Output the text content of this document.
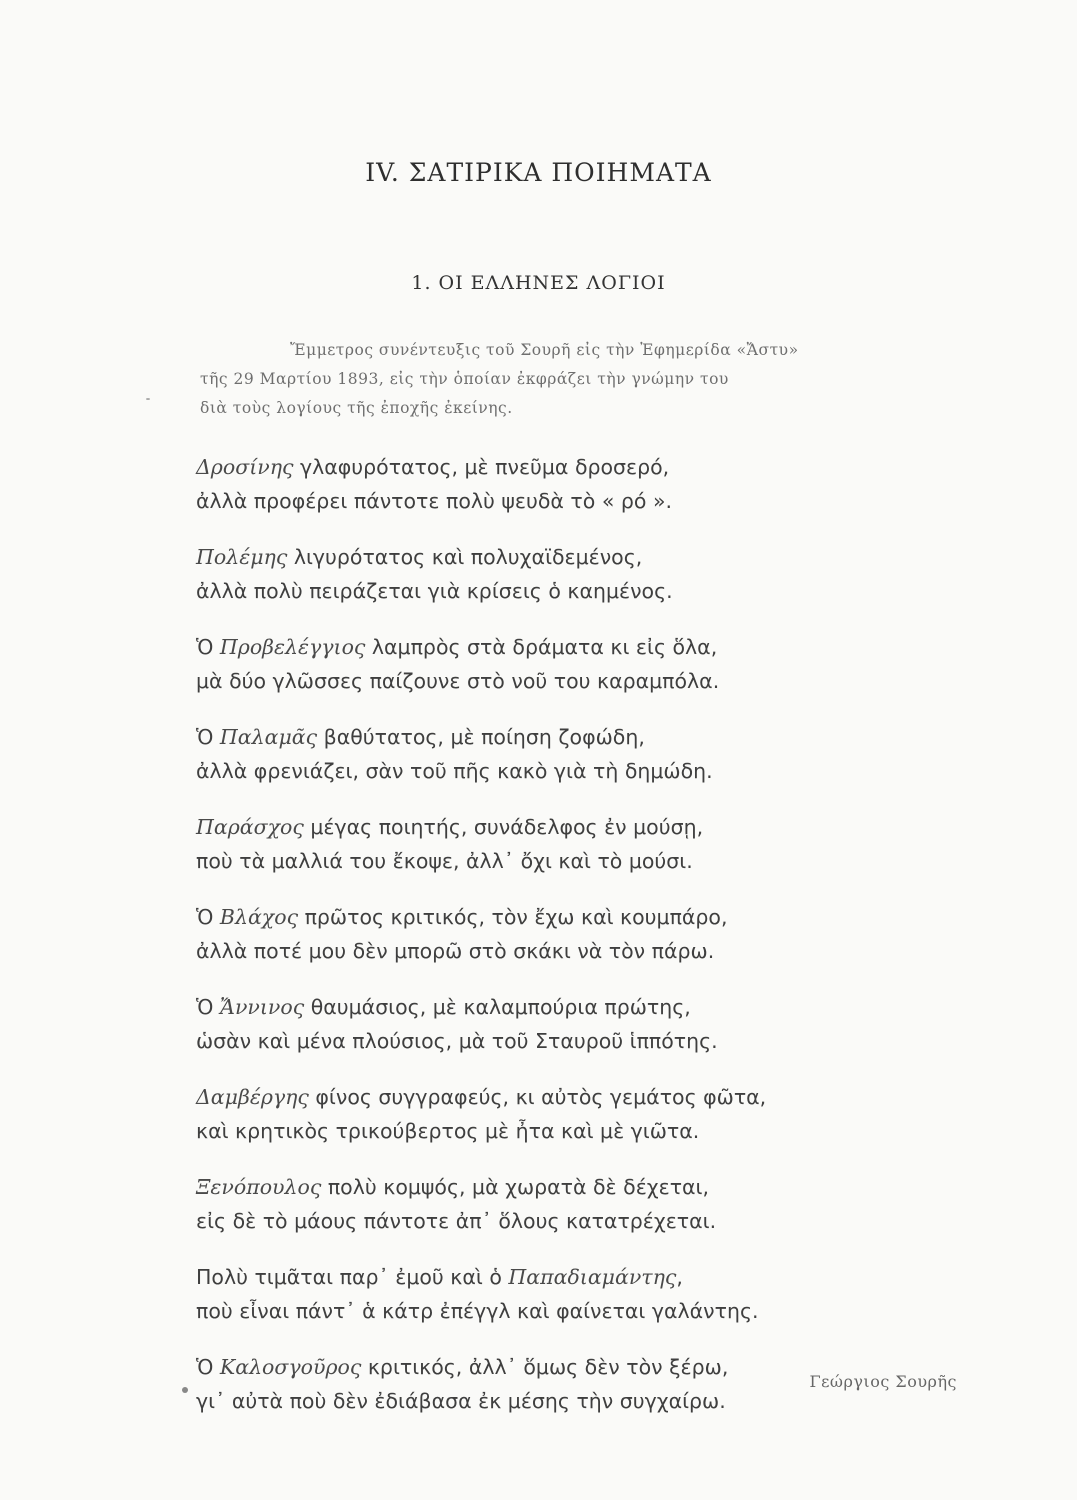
IV. ΣΑΤΙΡΙΚΑ ΠΟΙΗΜΑΤΑ
1. ΟΙ ΕΛΛΗΝΕΣ ΛΟΓΙΟΙ
Ἔμμετρος συνέντευξις τοῦ Σουρῆ εἰς τὴν Ἐφημερίδα «Ἄστυ»
τῆς 29 Μαρτίου 1893, εἰς τὴν ὁποίαν ἐκφράζει τὴν γνώμην του
διὰ τοὺς λογίους τῆς ἐποχῆς ἐκείνης.
Δροσίνης γλαφυρότατος, μὲ πνεῦμα δροσερό,
ἀλλὰ προφέρει πάντοτε πολὺ ψευδὰ τὸ « ρό ».
Πολέμης λιγυρότατος καὶ πολυχαϊδεμένος,
ἀλλὰ πολὺ πειράζεται γιὰ κρίσεις ὁ καημένος.
Ὁ Προβελέγγιος λαμπρὸς στὰ δράματα κι εἰς ὅλα,
μὰ δύο γλῶσσες παίζουνε στὸ νοῦ του καραμπόλα.
Ὁ Παλαμᾶς βαθύτατος, μὲ ποίηση ζοφώδη,
ἀλλὰ φρενιάζει, σὰν τοῦ πῆς κακὸ γιὰ τὴ δημώδη.
Παράσχος μέγας ποιητής, συνάδελφος ἐν μούσῃ,
ποὺ τὰ μαλλιά του ἔκοψε, ἀλλ᾽ ὄχι καὶ τὸ μούσι.
Ὁ Βλάχος πρῶτος κριτικός, τὸν ἔχω καὶ κουμπάρο,
ἀλλὰ ποτέ μου δὲν μπορῶ στὸ σκάκι νὰ τὸν πάρω.
Ὁ Ἄννινος θαυμάσιος, μὲ καλαμπούρια πρώτης,
ὡσὰν καὶ μένα πλούσιος, μὰ τοῦ Σταυροῦ ἱππότης.
Δαμβέργης φίνος συγγραφεύς, κι αὐτὸς γεμάτος φῶτα,
καὶ κρητικὸς τρικούβερτος μὲ ἦτα καὶ μὲ γιῶτα.
Ξενόπουλος πολὺ κομψός, μὰ χωρατὰ δὲ δέχεται,
εἰς δὲ τὸ μάους πάντοτε ἀπ᾽ ὅλους κατατρέχεται.
Πολὺ τιμᾶται παρ᾽ ἐμοῦ καὶ ὁ Παπαδιαμάντης,
ποὺ εἶναι πάντ᾽ ἁ κάτρ ἐπέγγλ καὶ φαίνεται γαλάντης.
Ὁ Καλοσγοῦρος κριτικός, ἀλλ᾽ ὅμως δὲν τὸν ξέρω,
γι᾽ αὐτὰ ποὺ δὲν ἐδιάβασα ἐκ μέσης τὴν συγχαίρω.
Γεώργιος Σουρῆς
